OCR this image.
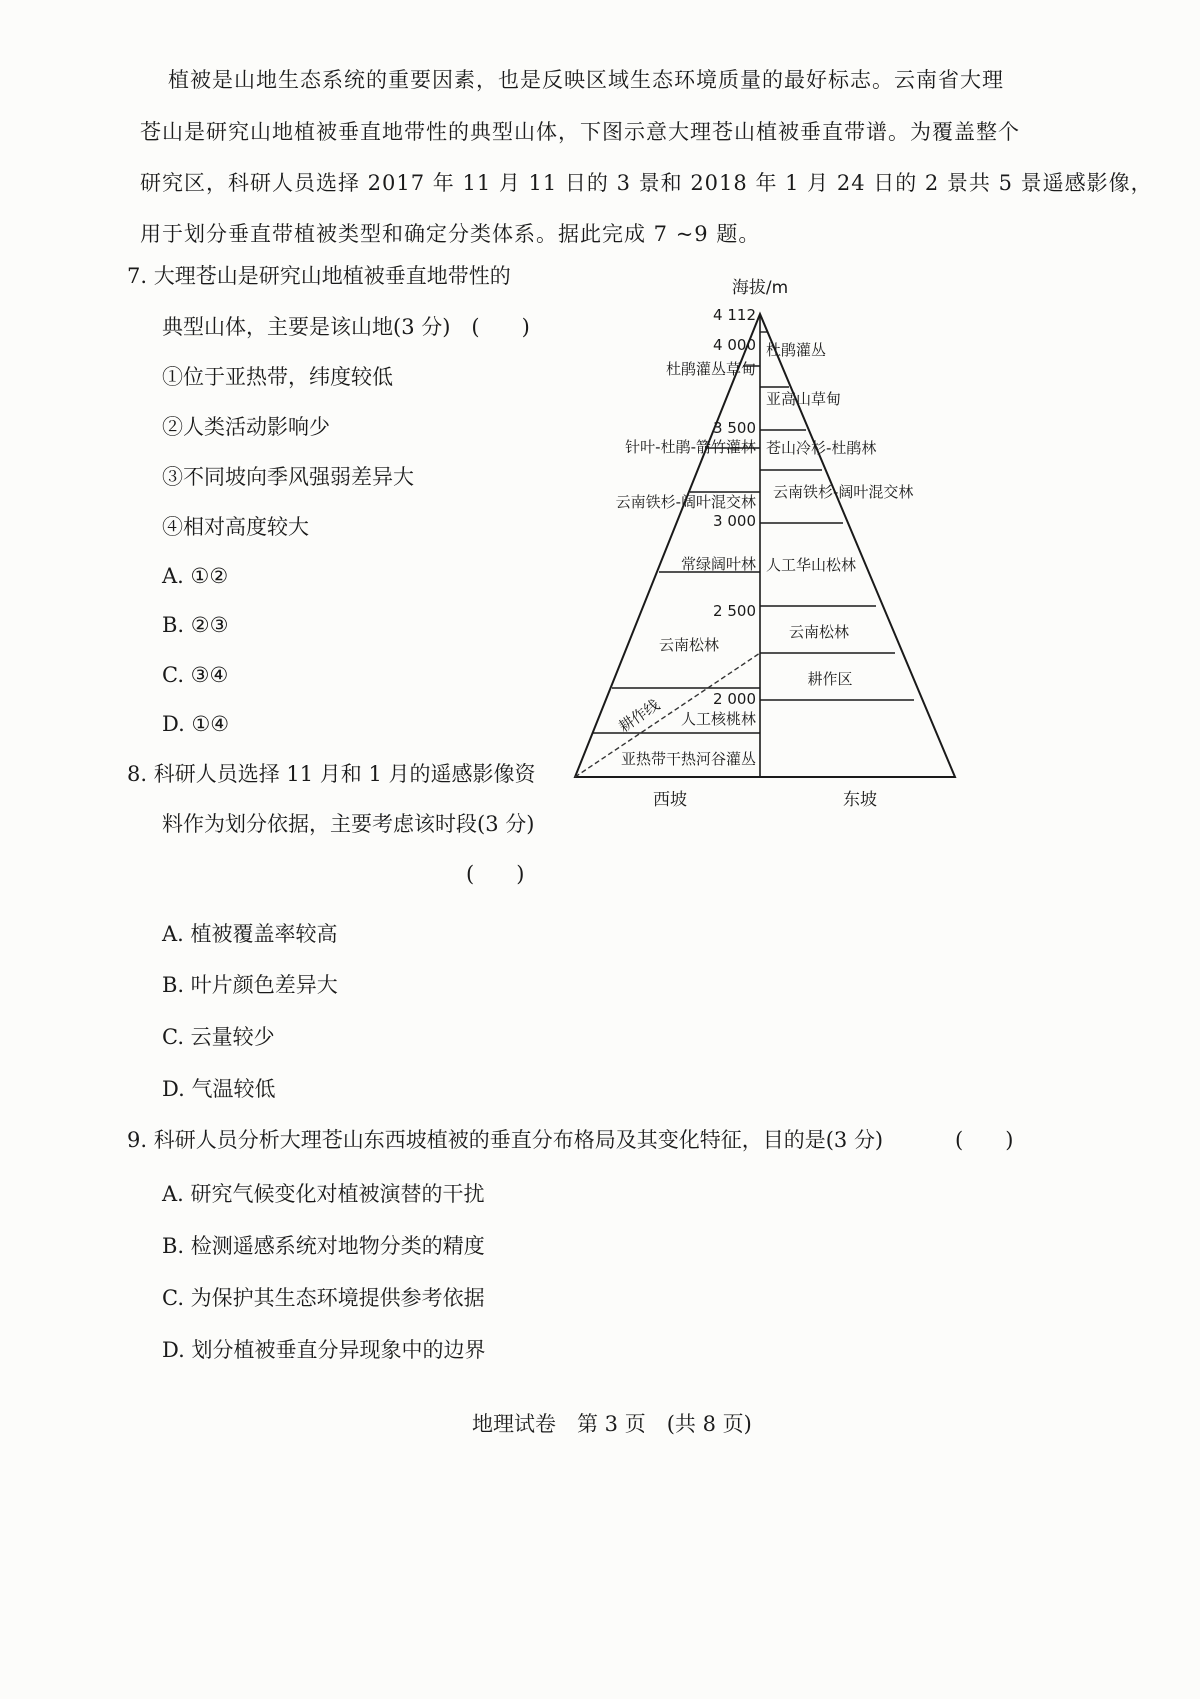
植被是山地生态系统的重要因素，也是反映区域生态环境质量的最好标志。云南省大理
苍山是研究山地植被垂直地带性的典型山体，下图示意大理苍山植被垂直带谱。为覆盖整个
研究区，科研人员选择 2017 年 11 月 11 日的 3 景和 2018 年 1 月 24 日的 2 景共 5 景遥感影像，
用于划分垂直带植被类型和确定分类体系。据此完成 7 ~9 题。
7. 大理苍山是研究山地植被垂直地带性的
典型山体，主要是该山地(3 分)　(　　)
①位于亚热带，纬度较低
②人类活动影响少
③不同坡向季风强弱差异大
④相对高度较大
A. ①②
B. ②③
C. ③④
D. ①④
8. 科研人员选择 11 月和 1 月的遥感影像资
料作为划分依据，主要考虑该时段(3 分)
(　　)
A. 植被覆盖率较高
B. 叶片颜色差异大
C. 云量较少
D. 气温较低
9. 科研人员分析大理苍山东西坡植被的垂直分布格局及其变化特征，目的是(3 分)	(　　)
A. 研究气候变化对植被演替的干扰
B. 检测遥感系统对地物分类的精度
C. 为保护其生态环境提供参考依据
D. 划分植被垂直分异现象中的边界
地理试卷　第 3 页　(共 8 页)
海拔/m
4 112
4 000
3 500
3 000
2 500
2 000
杜鹃灌丛草甸
针叶-杜鹃-箭竹灌林
云南铁杉-阔叶混交林
常绿阔叶林
云南松林
人工核桃林
亚热带干热河谷灌丛
耕作线
杜鹃灌丛
亚高山草甸
苍山冷杉-杜鹃林
云南铁杉-阔叶混交林
人工华山松林
云南松林
耕作区
西坡	东坡
